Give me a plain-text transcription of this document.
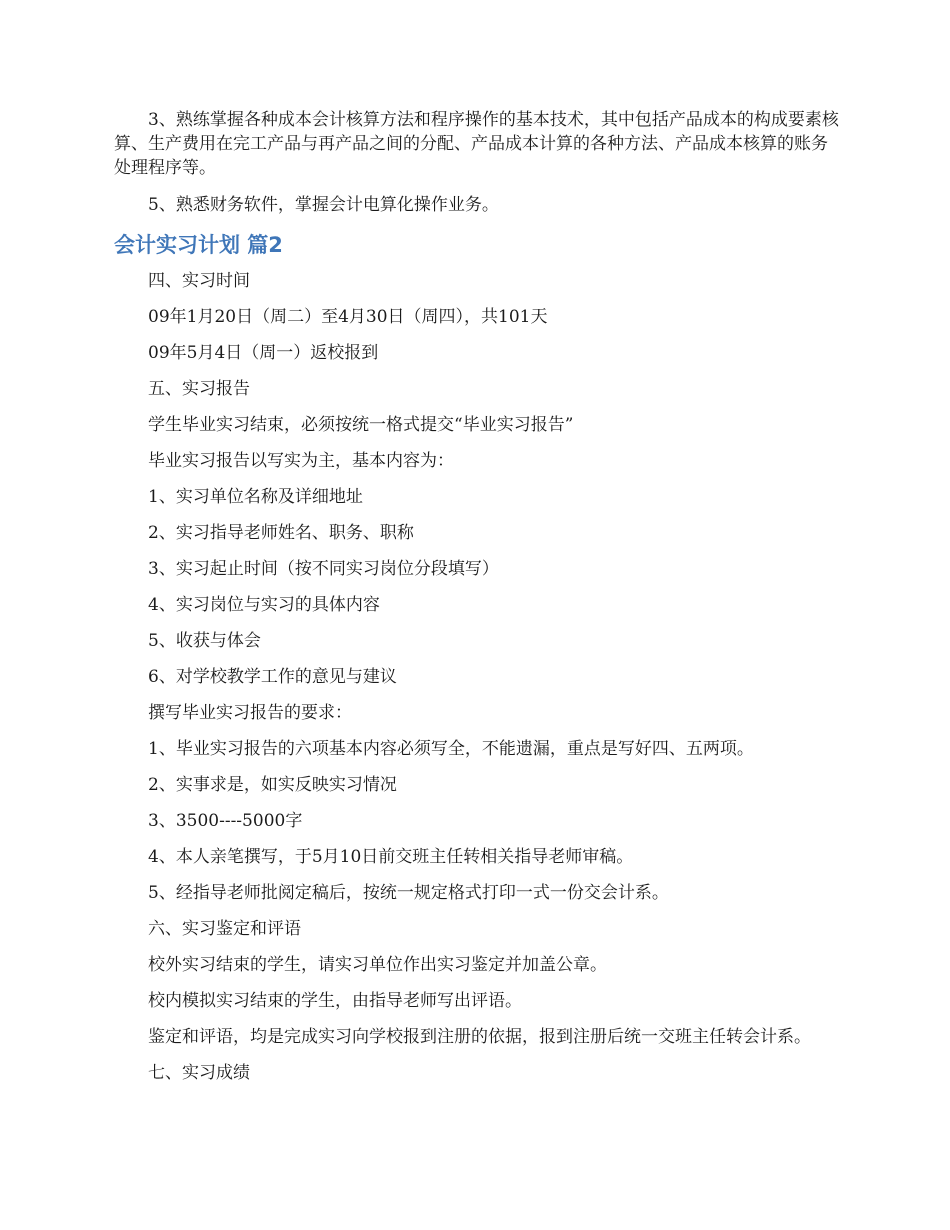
3、熟练掌握各种成本会计核算方法和程序操作的基本技术，其中包括产品成本的构成要素核算、生产费用在完工产品与再产品之间的分配、产品成本计算的各种方法、产品成本核算的账务处理程序等。

5、熟悉财务软件，掌握会计电算化操作业务。

会计实习计划 篇2

四、实习时间

09年1月20日（周二）至4月30日（周四），共101天

09年5月4日（周一）返校报到

五、实习报告

学生毕业实习结束，必须按统一格式提交“毕业实习报告”

毕业实习报告以写实为主，基本内容为：

1、实习单位名称及详细地址

2、实习指导老师姓名、职务、职称

3、实习起止时间（按不同实习岗位分段填写）

4、实习岗位与实习的具体内容

5、收获与体会

6、对学校教学工作的意见与建议

撰写毕业实习报告的要求：

1、毕业实习报告的六项基本内容必须写全，不能遗漏，重点是写好四、五两项。

2、实事求是，如实反映实习情况

3、3500----5000字

4、本人亲笔撰写，于5月10日前交班主任转相关指导老师审稿。

5、经指导老师批阅定稿后，按统一规定格式打印一式一份交会计系。

六、实习鉴定和评语

校外实习结束的学生，请实习单位作出实习鉴定并加盖公章。

校内模拟实习结束的学生，由指导老师写出评语。

鉴定和评语，均是完成实习向学校报到注册的依据，报到注册后统一交班主任转会计系。

七、实习成绩
